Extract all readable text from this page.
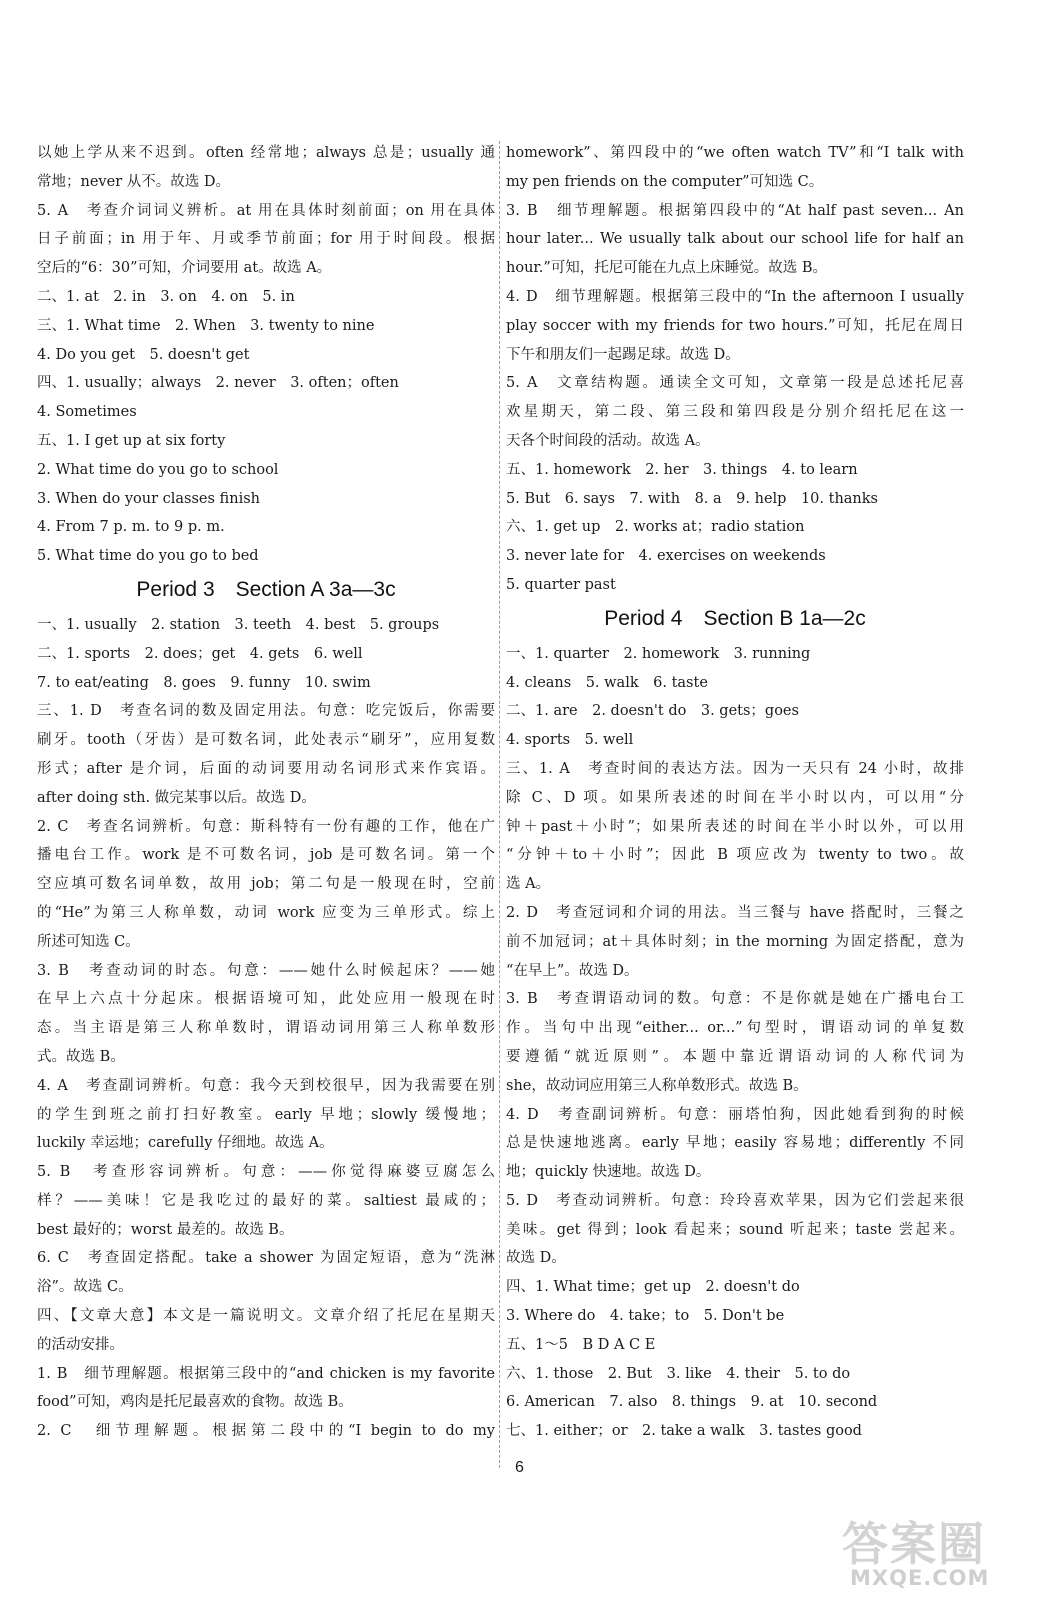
以她上学从来不迟到。often 经常地；always 总是；usually 通
常地；never 从不。故选 D。
5. A　考查介词词义辨析。at 用在具体时刻前面；on 用在具体
日子前面；in 用于年、月或季节前面；for 用于时间段。根据
空后的“6：30”可知，介词要用 at。故选 A。
二、1. at　2. in　3. on　4. on　5. in
三、1. What time　2. When　3. twenty to nine
4. Do you get　5. doesn't get
四、1. usually；always　2. never　3. often；often
4. Sometimes
五、1. I get up at six forty
2. What time do you go to school
3. When do your classes finish
4. From 7 p. m. to 9 p. m.
5. What time do you go to bed
Period 3　Section A 3a—3c
一、1. usually　2. station　3. teeth　4. best　5. groups
二、1. sports　2. does；get　4. gets　6. well
7. to eat/eating　8. goes　9. funny　10. swim
三、1. D　考查名词的数及固定用法。句意：吃完饭后，你需要
刷牙。tooth（牙齿）是可数名词，此处表示“刷牙”，应用复数
形式；after 是介词，后面的动词要用动名词形式来作宾语。
after doing sth. 做完某事以后。故选 D。
2. C　考查名词辨析。句意：斯科特有一份有趣的工作，他在广
播电台工作。work 是不可数名词，job 是可数名词。第一个
空应填可数名词单数，故用 job；第二句是一般现在时，空前
的“He”为第三人称单数，动词 work 应变为三单形式。综上
所述可知选 C。
3. B　考查动词的时态。句意：——她什么时候起床？——她
在早上六点十分起床。根据语境可知，此处应用一般现在时
态。当主语是第三人称单数时，谓语动词用第三人称单数形
式。故选 B。
4. A　考查副词辨析。句意：我今天到校很早，因为我需要在别
的学生到班之前打扫好教室。early 早地；slowly 缓慢地；
luckily 幸运地；carefully 仔细地。故选 A。
5. B　考查形容词辨析。句意：——你觉得麻婆豆腐怎么
样？——美味！它是我吃过的最好的菜。saltiest 最咸的；
best 最好的；worst 最差的。故选 B。
6. C　考查固定搭配。take a shower 为固定短语，意为“洗淋
浴”。故选 C。
四、【文章大意】本文是一篇说明文。文章介绍了托尼在星期天
的活动安排。
1. B　细节理解题。根据第三段中的“and chicken is my favorite
food”可知，鸡肉是托尼最喜欢的食物。故选 B。
2. C　细节理解题。根据第二段中的“I begin to do my
homework”、第四段中的“we often watch TV”和“I talk with
my pen friends on the computer”可知选 C。
3. B　细节理解题。根据第四段中的“At half past seven... An
hour later... We usually talk about our school life for half an
hour.”可知，托尼可能在九点上床睡觉。故选 B。
4. D　细节理解题。根据第三段中的“In the afternoon I usually
play soccer with my friends for two hours.”可知，托尼在周日
下午和朋友们一起踢足球。故选 D。
5. A　文章结构题。通读全文可知，文章第一段是总述托尼喜
欢星期天，第二段、第三段和第四段是分别介绍托尼在这一
天各个时间段的活动。故选 A。
五、1. homework　2. her　3. things　4. to learn
5. But　6. says　7. with　8. a　9. help　10. thanks
六、1. get up　2. works at；radio station
3. never late for　4. exercises on weekends
5. quarter past
Period 4　Section B 1a—2c
一、1. quarter　2. homework　3. running
4. cleans　5. walk　6. taste
二、1. are　2. doesn't do　3. gets；goes
4. sports　5. well
三、1. A　考查时间的表达方法。因为一天只有 24 小时，故排
除 C、D 项。如果所表述的时间在半小时以内，可以用“分
钟＋past＋小时”；如果所表述的时间在半小时以外，可以用
“分钟＋to＋小时”；因此 B 项应改为 twenty to two。故
选 A。
2. D　考查冠词和介词的用法。当三餐与 have 搭配时，三餐之
前不加冠词；at＋具体时刻；in the morning 为固定搭配，意为
“在早上”。故选 D。
3. B　考查谓语动词的数。句意：不是你就是她在广播电台工
作。当句中出现“either... or...”句型时，谓语动词的单复数
要遵循“就近原则”。本题中靠近谓语动词的人称代词为
she，故动词应用第三人称单数形式。故选 B。
4. D　考查副词辨析。句意：丽塔怕狗，因此她看到狗的时候
总是快速地逃离。early 早地；easily 容易地；differently 不同
地；quickly 快速地。故选 D。
5. D　考查动词辨析。句意：玲玲喜欢苹果，因为它们尝起来很
美味。get 得到；look 看起来；sound 听起来；taste 尝起来。
故选 D。
四、1. What time；get up　2. doesn't do
3. Where do　4. take；to　5. Don't be
五、1～5　B D A C E
六、1. those　2. But　3. like　4. their　5. to do
6. American　7. also　8. things　9. at　10. second
七、1. either；or　2. take a walk　3. tastes good
6
答案圈
MXQE.COM
